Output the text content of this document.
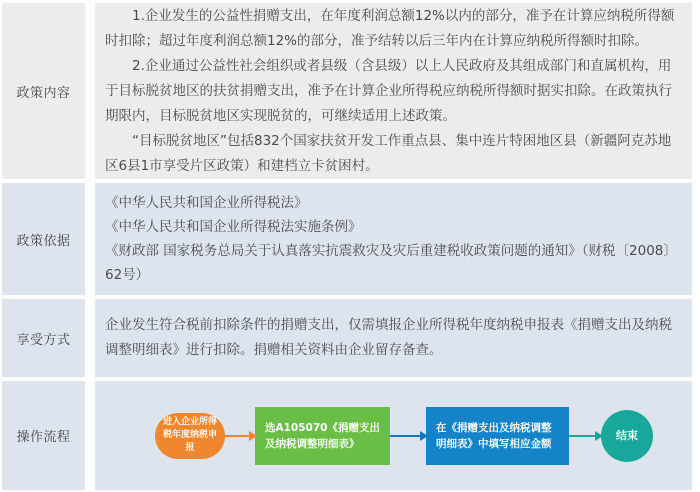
政策内容

1.企业发生的公益性捐赠支出，在年度利润总额12%以内的部分，准予在计算应纳税所得额时扣除；超过年度利润总额12%的部分，准予结转以后三年内在计算应纳税所得额时扣除。

2.企业通过公益性社会组织或者县级（含县级）以上人民政府及其组成部门和直属机构，用于目标脱贫地区的扶贫捐赠支出，准予在计算企业所得税应纳税所得额时据实扣除。在政策执行期限内，目标脱贫地区实现脱贫的，可继续适用上述政策。

“目标脱贫地区”包括832个国家扶贫开发工作重点县、集中连片特困地区县（新疆阿克苏地区6县1市享受片区政策）和建档立卡贫困村。

政策依据

《中华人民共和国企业所得税法》

《中华人民共和国企业所得税法实施条例》

《财政部 国家税务总局关于认真落实抗震救灾及灾后重建税收政策问题的通知》（财税〔2008〕62号）

享受方式

企业发生符合税前扣除条件的捐赠支出，仅需填报企业所得税年度纳税申报表《捐赠支出及纳税调整明细表》进行扣除。捐赠相关资料由企业留存备查。

操作流程
进入企业所得税年度纳税申报
选A105070《捐赠支出及纳税调整明细表》
在《捐赠支出及纳税调整明细表》中填写相应金额
结束
